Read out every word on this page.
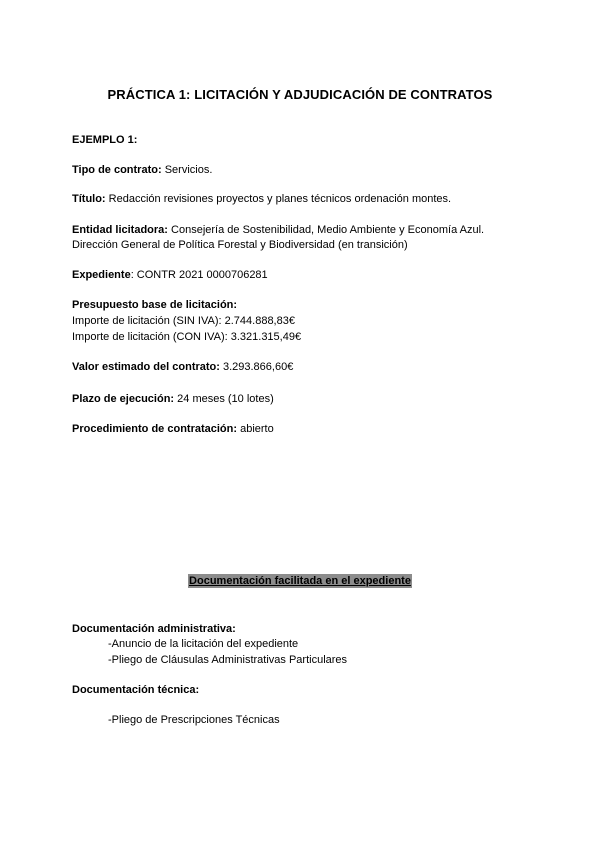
PRÁCTICA 1: LICITACIÓN Y ADJUDICACIÓN DE CONTRATOS
EJEMPLO 1:
Tipo de contrato: Servicios.
Título: Redacción revisiones proyectos y planes técnicos ordenación montes.
Entidad licitadora: Consejería de Sostenibilidad, Medio Ambiente y Economía Azul.
Dirección General de Política Forestal y Biodiversidad (en transición)
Expediente: CONTR 2021 0000706281
Presupuesto base de licitación:
Importe de licitación (SIN IVA): 2.744.888,83€
Importe de licitación (CON IVA): 3.321.315,49€
Valor estimado del contrato: 3.293.866,60€
Plazo de ejecución: 24 meses (10 lotes)
Procedimiento de contratación: abierto
Documentación facilitada en el expediente
Documentación administrativa:
-Anuncio de la licitación del expediente
-Pliego de Cláusulas Administrativas Particulares
Documentación técnica:
-Pliego de Prescripciones Técnicas
